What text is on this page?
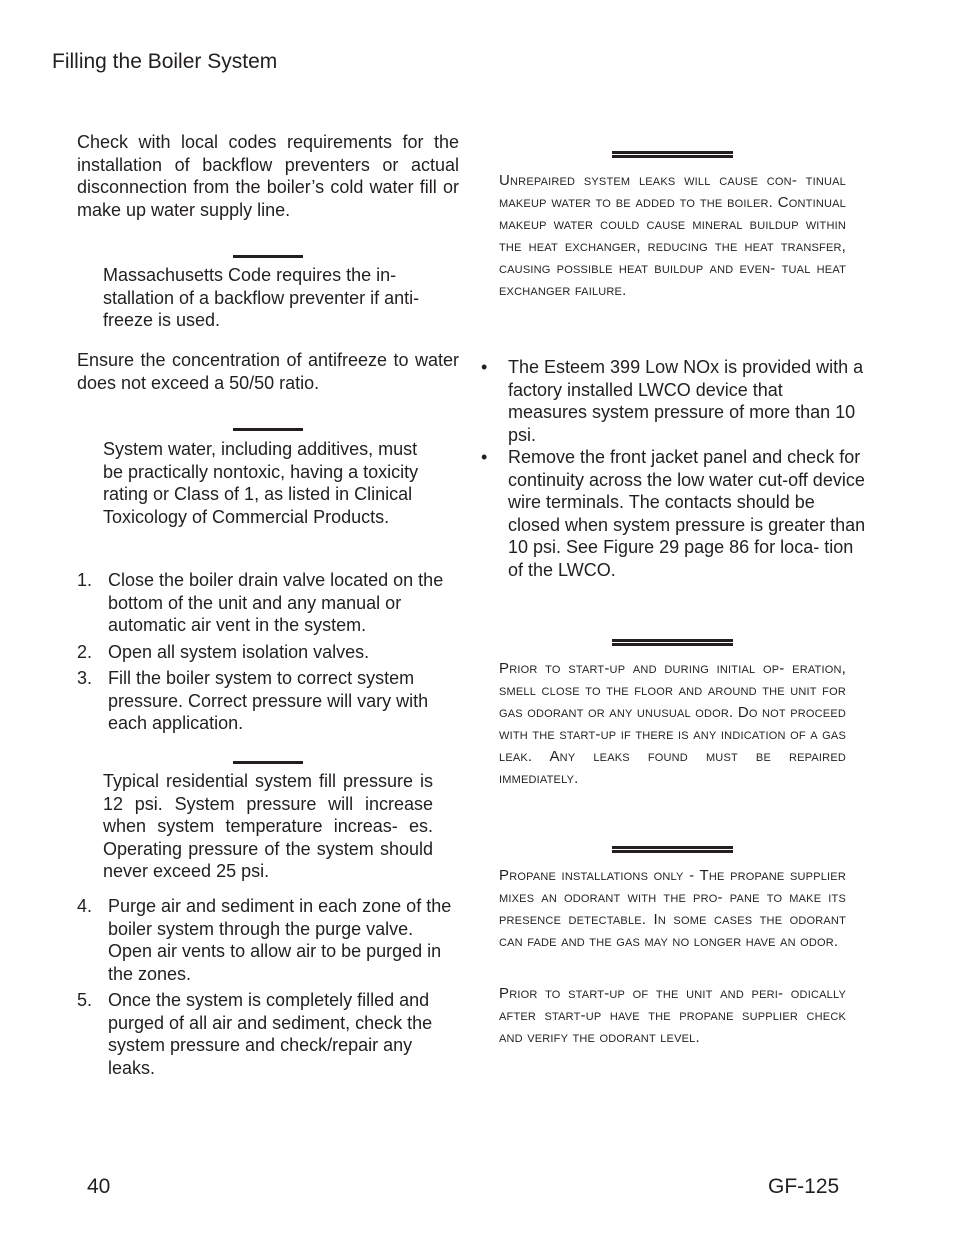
Filling the Boiler System
Check with local codes requirements for the installation of backflow preventers or actual disconnection from the boiler’s cold water fill or make up water supply line.
Massachusetts Code requires the in- stallation of a backflow preventer if anti- freeze is used.
Ensure the concentration of antifreeze to water does not exceed a 50/50 ratio.
System water, including additives, must be practically nontoxic, having a toxicity rating or Class of 1, as listed in Clinical Toxicology of Commercial Products.
1. Close the boiler drain valve located on the bottom of the unit and any manual or automatic air vent in the system.
2. Open all system isolation valves.
3. Fill the boiler system to correct system pressure. Correct pressure will vary with each application.
Typical residential system fill pressure is 12 psi. System pressure will increase when system temperature increas- es. Operating pressure of the system should never exceed 25 psi.
4. Purge air and sediment in each zone of the boiler system through the purge valve. Open air vents to allow air to be purged in the zones.
5. Once the system is completely filled and purged of all air and sediment, check the system pressure and check/repair any leaks.
Unrepaired system leaks will cause con- tinual makeup water to be added to the boiler. Continual makeup water could cause mineral buildup within the heat exchanger, reducing the heat transfer, causing possible heat buildup and even- tual heat exchanger failure.
• The Esteem 399 Low NOx is provided with a factory installed LWCO device that measures system pressure of more than 10 psi.
• Remove the front jacket panel and check for continuity across the low water cut-off device wire terminals. The contacts should be closed when system pressure is greater than 10 psi. See Figure 29 page 86 for loca- tion of the LWCO.
Prior to start-up and during initial op- eration, smell close to the floor and around the unit for gas odorant or any unusual odor. Do not proceed with the start-up if there is any indication of a gas leak. Any leaks found must be repaired immediately.
Propane installations only - The propane supplier mixes an odorant with the pro- pane to make its presence detectable. In some cases the odorant can fade and the gas may no longer have an odor.
Prior to start-up of the unit and peri- odically after start-up have the propane supplier check and verify the odorant level.
40	GF-125
